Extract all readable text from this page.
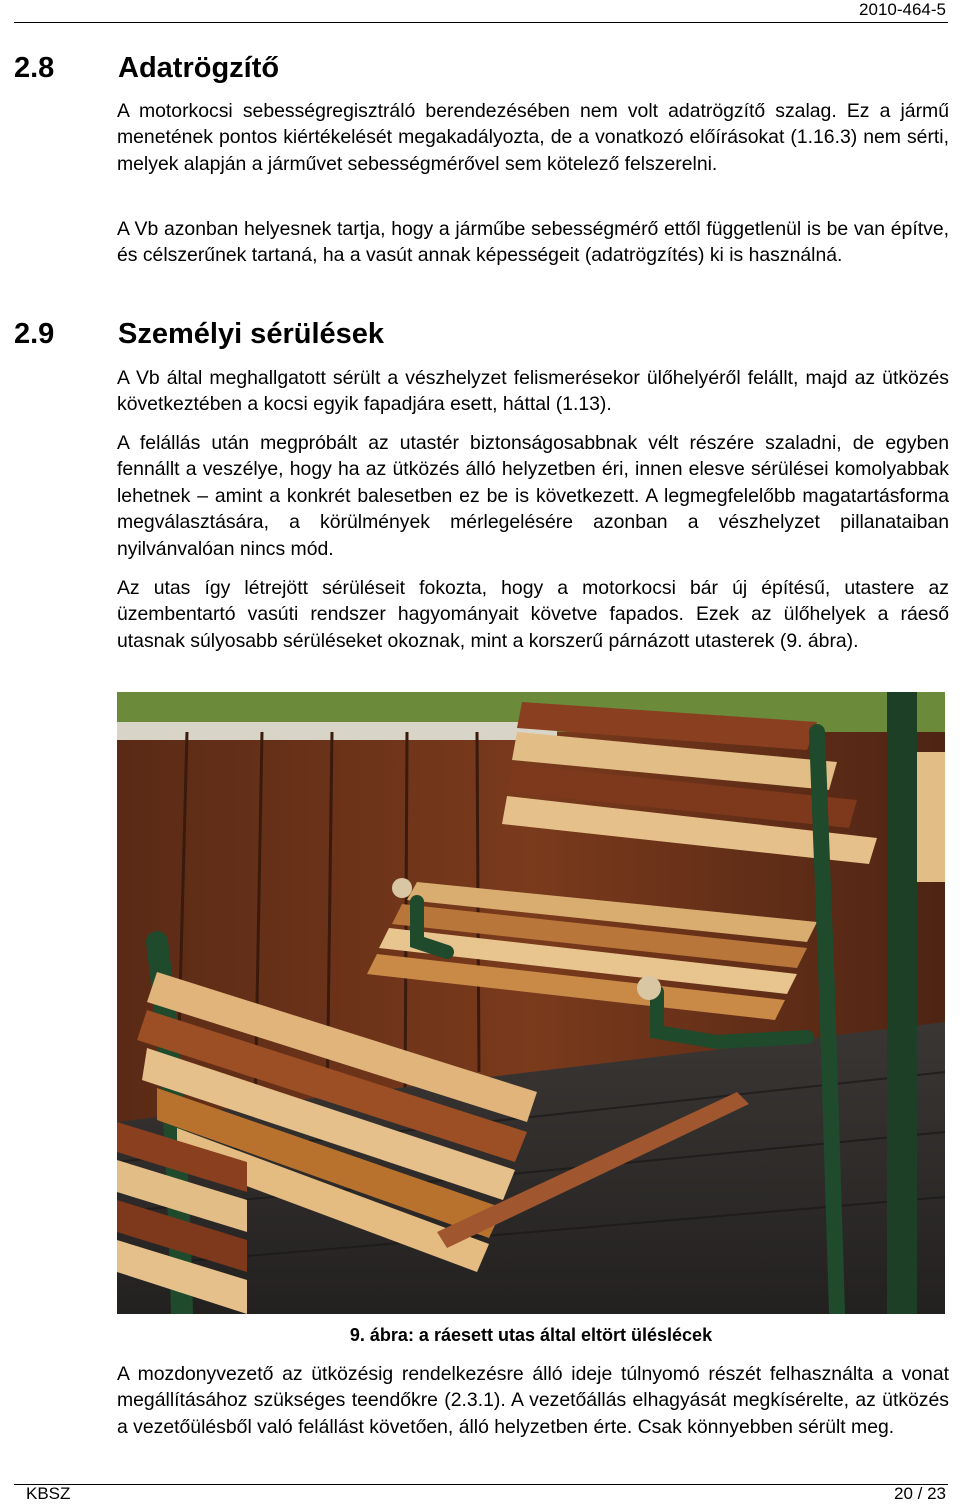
2010-464-5
2.8 Adatrögzítő

A motorkocsi sebességregisztráló berendezésében nem volt adatrögzítő szalag. Ez a jármű menetének pontos kiértékelését megakadályozta, de a vonatkozó előírásokat (1.16.3) nem sérti, melyek alapján a járművet sebességmérővel sem kötelező felszerelni.

A Vb azonban helyesnek tartja, hogy a járműbe sebességmérő ettől függetlenül is be van építve, és célszerűnek tartaná, ha a vasút annak képességeit (adatrögzítés) ki is használná.

2.9 Személyi sérülések

A Vb által meghallgatott sérült a vészhelyzet felismerésekor ülőhelyéről felállt, majd az ütközés következtében a kocsi egyik fapadjára esett, háttal (1.13).

A felállás után megpróbált az utastér biztonságosabbnak vélt részére szaladni, de egyben fennállt a veszélye, hogy ha az ütközés álló helyzetben éri, innen elesve sérülései komolyabbak lehetnek – amint a konkrét balesetben ez be is következett. A legmegfelelőbb magatartásforma megválasztására, a körülmények mérlegelésére azonban a vészhelyzet pillanataiban nyilvánvalóan nincs mód.

Az utas így létrejött sérüléseit fokozta, hogy a motorkocsi bár új építésű, utastere az üzembentartó vasúti rendszer hagyományait követve fapados. Ezek az ülőhelyek a ráeső utasnak súlyosabb sérüléseket okoznak, mint a korszerű párnázott utasterek (9. ábra).

9. ábra: a ráesett utas által eltört üléslécek

A mozdonyvezető az ütközésig rendelkezésre álló ideje túlnyomó részét felhasználta a vonat megállításához szükséges teendőkre (2.3.1). A vezetőállás elhagyását megkísérelte, az ütközés a vezetőülésből való felállást követően, álló helyzetben érte. Csak könnyebben sérült meg.

KBSZ	20 / 23
